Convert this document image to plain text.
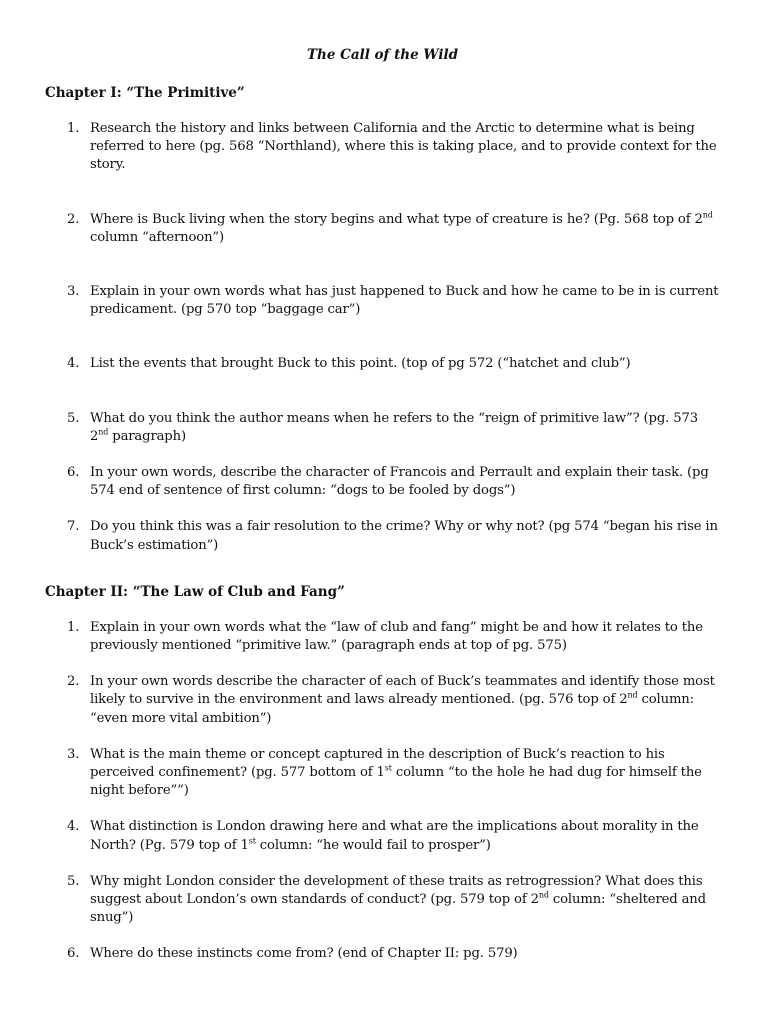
The Call of the Wild
Chapter I: “The Primitive”
1. Research the history and links between California and the Arctic to determine what is being referred to here (pg. 568 “Northland), where this is taking place, and to provide context for the story.
2. Where is Buck living when the story begins and what type of creature is he? (Pg. 568 top of 2nd column “afternoon”)
3. Explain in your own words what has just happened to Buck and how he came to be in is current predicament. (pg 570 top “baggage car”)
4. List the events that brought Buck to this point. (top of pg 572 (“hatchet and club”)
5. What do you think the author means when he refers to the “reign of primitive law”? (pg. 573 2nd paragraph)
6. In your own words, describe the character of Francois and Perrault and explain their task. (pg 574 end of sentence of first column: “dogs to be fooled by dogs”)
7. Do you think this was a fair resolution to the crime? Why or why not? (pg 574 “began his rise in Buck’s estimation”)
Chapter II: “The Law of Club and Fang”
1. Explain in your own words what the “law of club and fang” might be and how it relates to the previously mentioned “primitive law.” (paragraph ends at top of pg. 575)
2. In your own words describe the character of each of Buck’s teammates and identify those most likely to survive in the environment and laws already mentioned. (pg. 576 top of 2nd column: “even more vital ambition”)
3. What is the main theme or concept captured in the description of Buck’s reaction to his perceived confinement? (pg. 577 bottom of 1st column “to the hole he had dug for himself the night before””)
4. What distinction is London drawing here and what are the implications about morality in the North? (Pg. 579 top of 1st column: “he would fail to prosper”)
5. Why might London consider the development of these traits as retrogression? What does this suggest about London’s own standards of conduct? (pg. 579 top of 2nd column: “sheltered and snug”)
6. Where do these instincts come from? (end of Chapter II: pg. 579)
